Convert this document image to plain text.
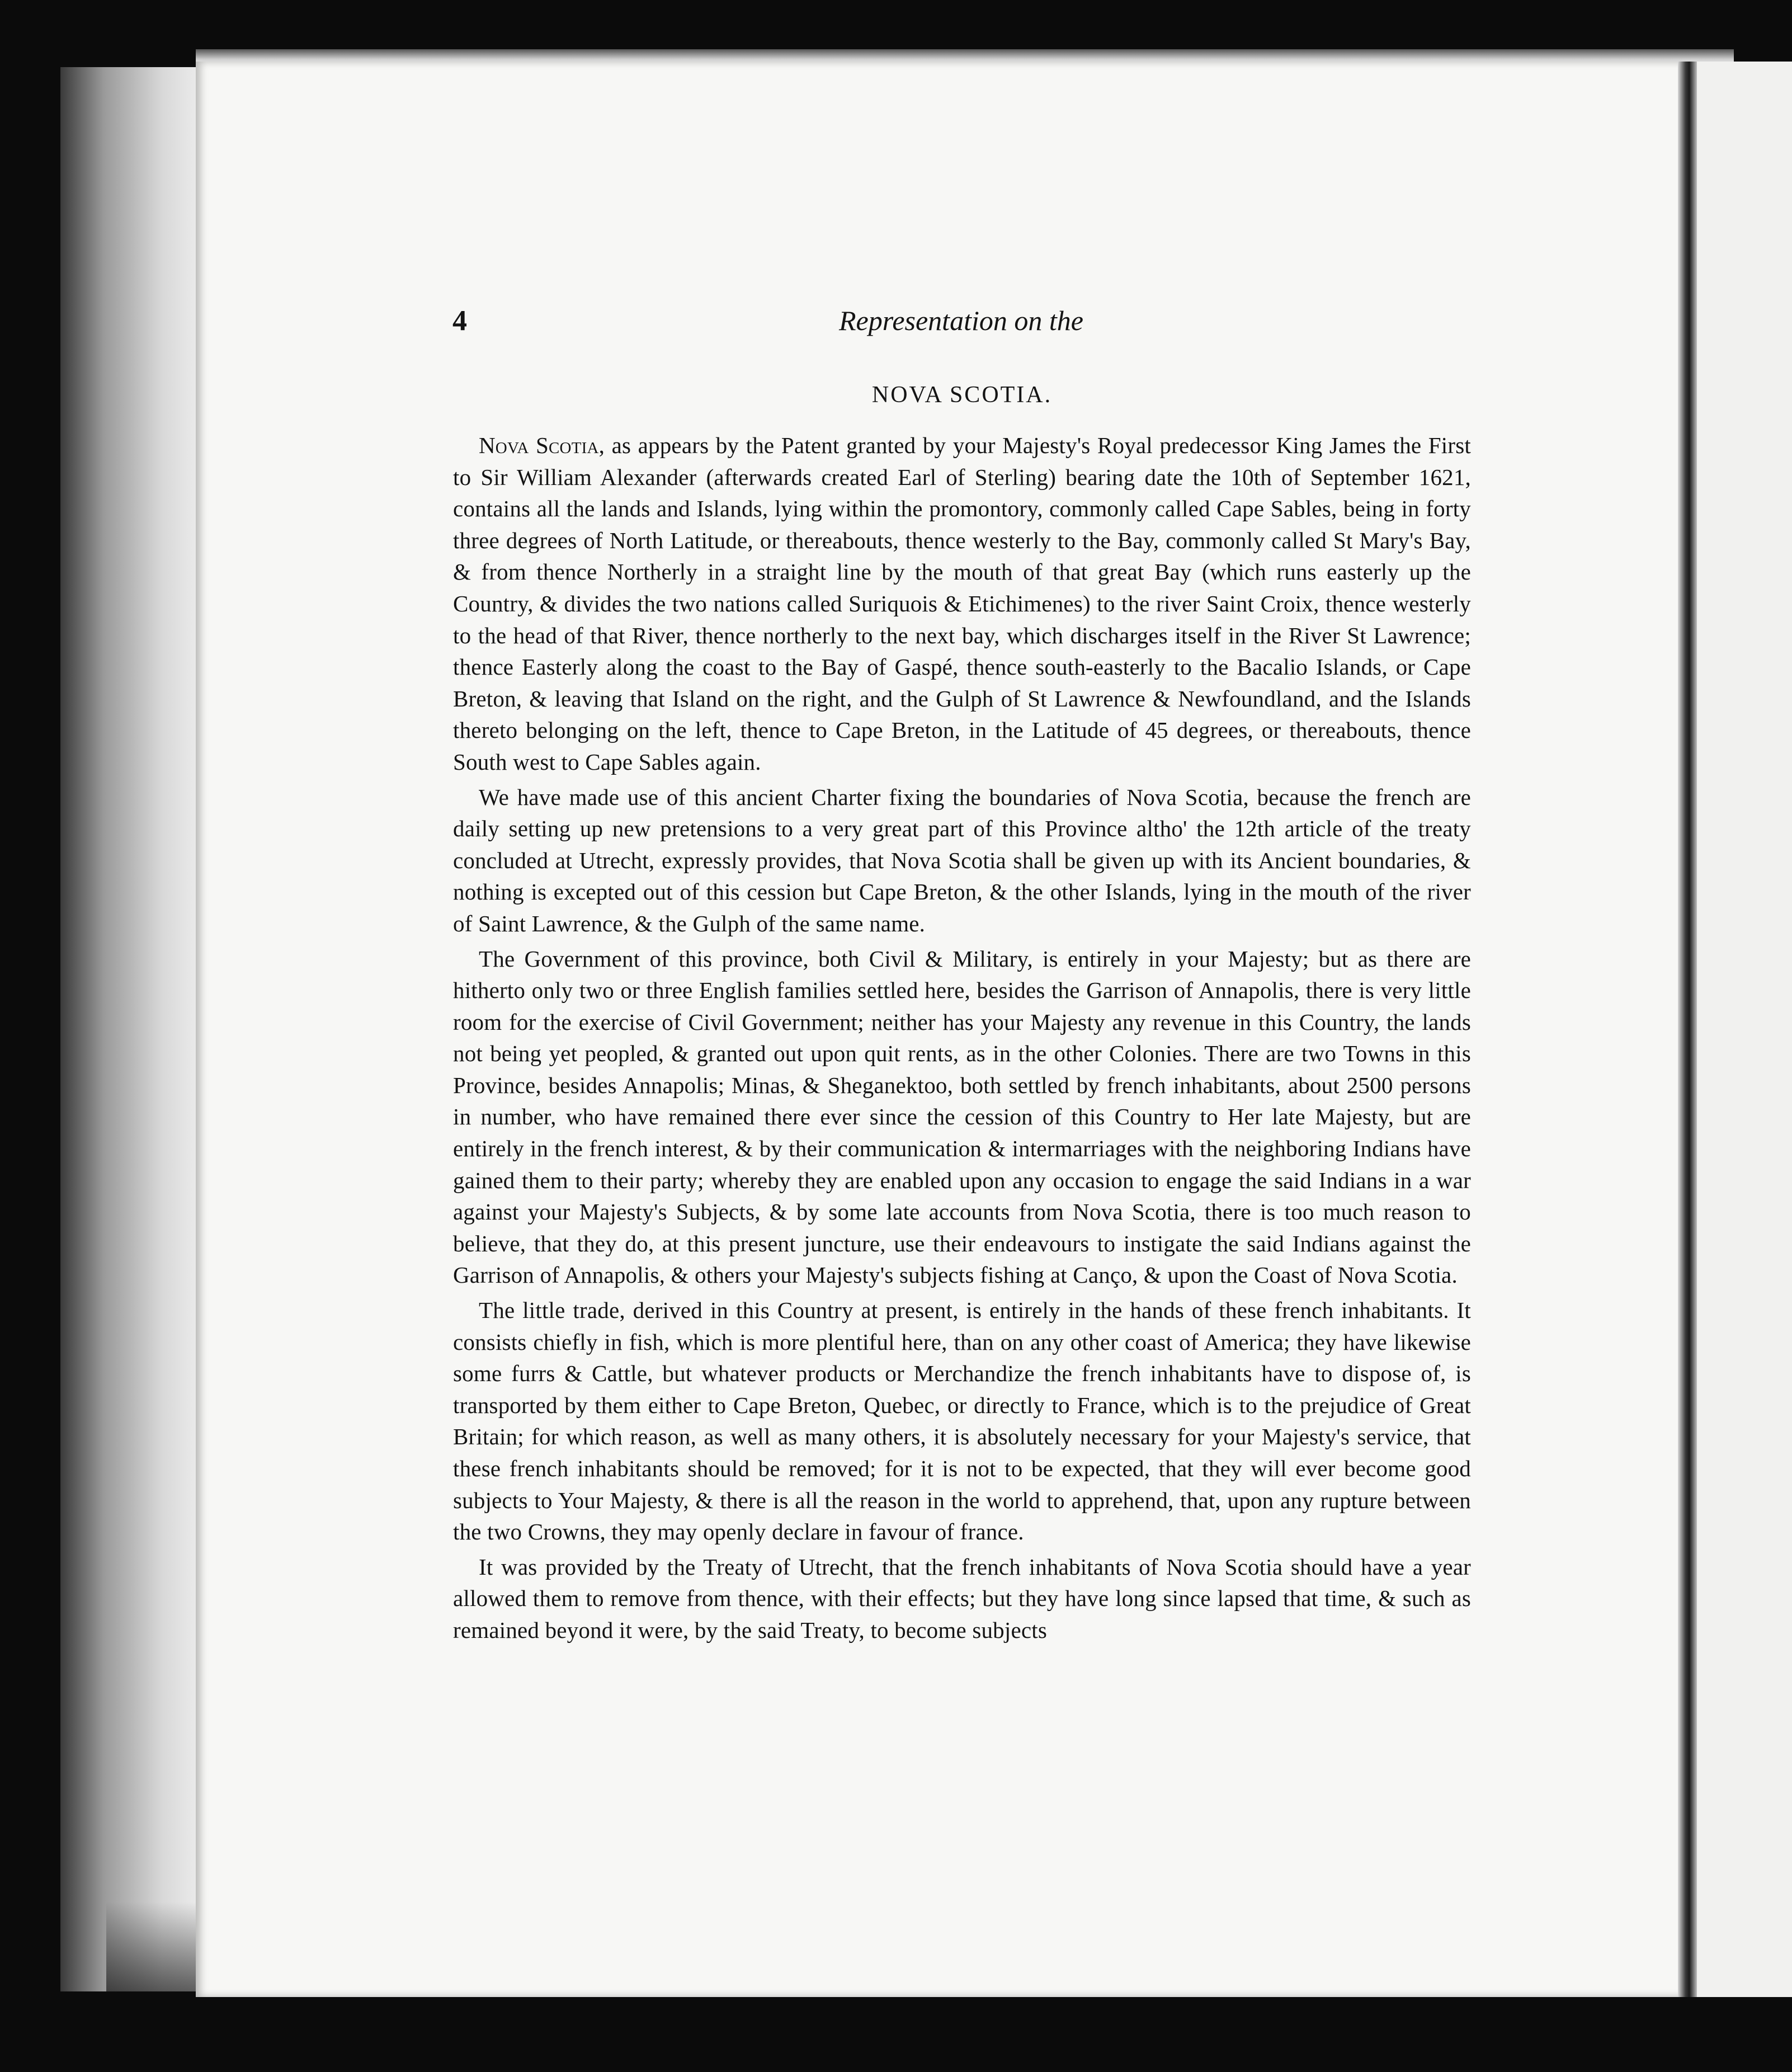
4	Representation on the
NOVA SCOTIA.

Nova Scotia, as appears by the Patent granted by your Majesty's Royal predecessor King James the First to Sir William Alexander (afterwards created Earl of Sterling) bearing date the 10th of September 1621, contains all the lands and Islands, lying within the promontory, commonly called Cape Sables, being in forty three degrees of North Latitude, or thereabouts, thence westerly to the Bay, commonly called St Mary's Bay, & from thence Northerly in a straight line by the mouth of that great Bay (which runs easterly up the Country, & divides the two nations called Suriquois & Etichimenes) to the river Saint Croix, thence westerly to the head of that River, thence northerly to the next bay, which discharges itself in the River St Lawrence; thence Easterly along the coast to the Bay of Gaspé, thence south-easterly to the Bacalio Islands, or Cape Breton, & leaving that Island on the right, and the Gulph of St Lawrence & Newfoundland, and the Islands thereto belonging on the left, thence to Cape Breton, in the Latitude of 45 degrees, or thereabouts, thence South west to Cape Sables again.

We have made use of this ancient Charter fixing the boundaries of Nova Scotia, because the french are daily setting up new pretensions to a very great part of this Province altho' the 12th article of the treaty concluded at Utrecht, expressly provides, that Nova Scotia shall be given up with its Ancient boundaries, & nothing is excepted out of this cession but Cape Breton, & the other Islands, lying in the mouth of the river of Saint Lawrence, & the Gulph of the same name.

The Government of this province, both Civil & Military, is entirely in your Majesty; but as there are hitherto only two or three English families settled here, besides the Garrison of Annapolis, there is very little room for the exercise of Civil Government; neither has your Majesty any revenue in this Country, the lands not being yet peopled, & granted out upon quit rents, as in the other Colonies. There are two Towns in this Province, besides Annapolis; Minas, & Sheganektoo, both settled by french inhabitants, about 2500 persons in number, who have remained there ever since the cession of this Country to Her late Majesty, but are entirely in the french interest, & by their communication & intermarriages with the neighboring Indians have gained them to their party; whereby they are enabled upon any occasion to engage the said Indians in a war against your Majesty's Subjects, & by some late accounts from Nova Scotia, there is too much reason to believe, that they do, at this present juncture, use their endeavours to instigate the said Indians against the Garrison of Annapolis, & others your Majesty's subjects fishing at Canço, & upon the Coast of Nova Scotia.

The little trade, derived in this Country at present, is entirely in the hands of these french inhabitants. It consists chiefly in fish, which is more plentiful here, than on any other coast of America; they have likewise some furrs & Cattle, but whatever products or Merchandize the french inhabitants have to dispose of, is transported by them either to Cape Breton, Quebec, or directly to France, which is to the prejudice of Great Britain; for which reason, as well as many others, it is absolutely necessary for your Majesty's service, that these french inhabitants should be removed; for it is not to be expected, that they will ever become good subjects to Your Majesty, & there is all the reason in the world to apprehend, that, upon any rupture between the two Crowns, they may openly declare in favour of france.

It was provided by the Treaty of Utrecht, that the french inhabitants of Nova Scotia should have a year allowed them to remove from thence, with their effects; but they have long since lapsed that time, & such as remained beyond it were, by the said Treaty, to become subjects
